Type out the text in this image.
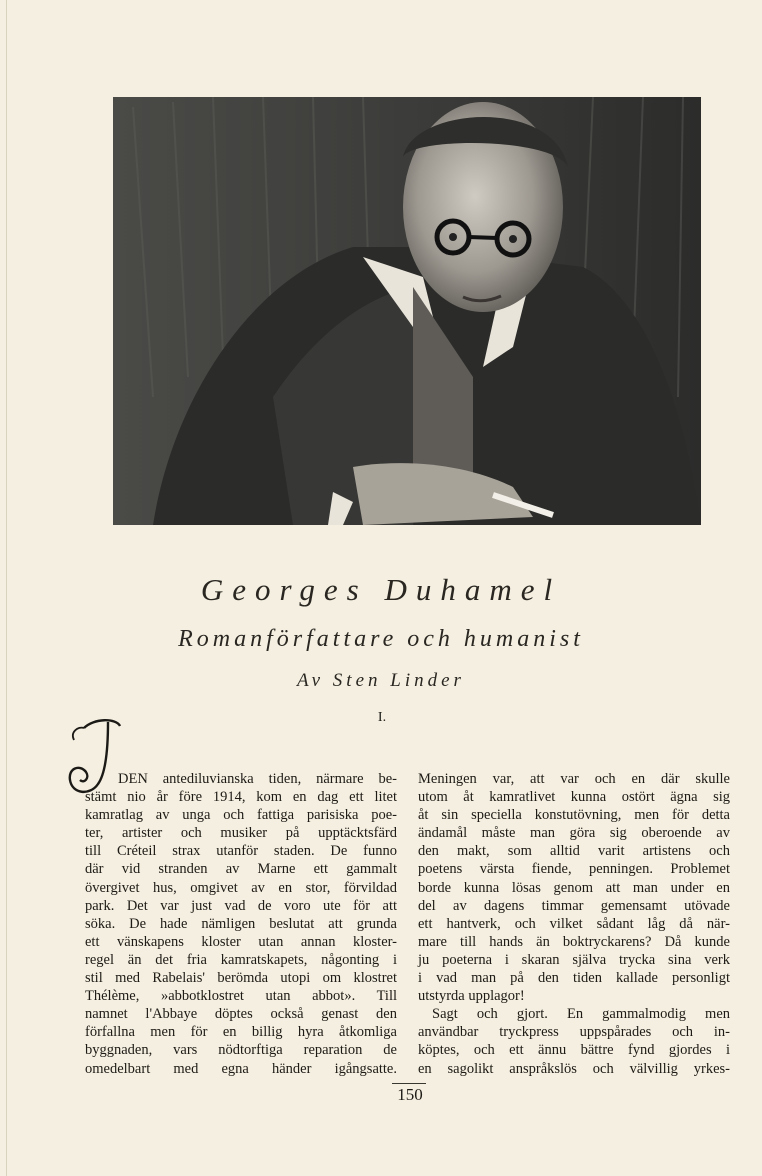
Georges Duhamel
Romanförfattare och humanist
Av Sten Linder
I.
I
DEN antediluvianska tiden, närmare be-
stämt nio år före 1914, kom en dag ett litet
kamratlag av unga och fattiga parisiska poe-
ter, artister och musiker på upptäcktsfärd
till Créteil strax utanför staden. De funno
där vid stranden av Marne ett gammalt
övergivet hus, omgivet av en stor, förvildad
park. Det var just vad de voro ute för att
söka. De hade nämligen beslutat att grunda
ett vänskapens kloster utan annan kloster-
regel än det fria kamratskapets, någonting i
stil med Rabelais' berömda utopi om klostret
Thélème, »abbotklostret utan abbot». Till
namnet l'Abbaye döptes också genast den
förfallna men för en billig hyra åtkomliga
byggnaden, vars nödtorftiga reparation de
omedelbart med egna händer igångsatte.
Meningen var, att var och en där skulle
utom åt kamratlivet kunna ostört ägna sig
åt sin speciella konstutövning, men för detta
ändamål måste man göra sig oberoende av
den makt, som alltid varit artistens och
poetens värsta fiende, penningen. Problemet
borde kunna lösas genom att man under en
del av dagens timmar gemensamt utövade
ett hantverk, och vilket sådant låg då när-
mare till hands än boktryckarens? Då kunde
ju poeterna i skaran själva trycka sina verk
i vad man på den tiden kallade personligt
utstyrda upplagor!
Sagt och gjort. En gammalmodig men
användbar tryckpress uppspårades och in-
köptes, och ett ännu bättre fynd gjordes i
en sagolikt anspråkslös och välvillig yrkes-
150
